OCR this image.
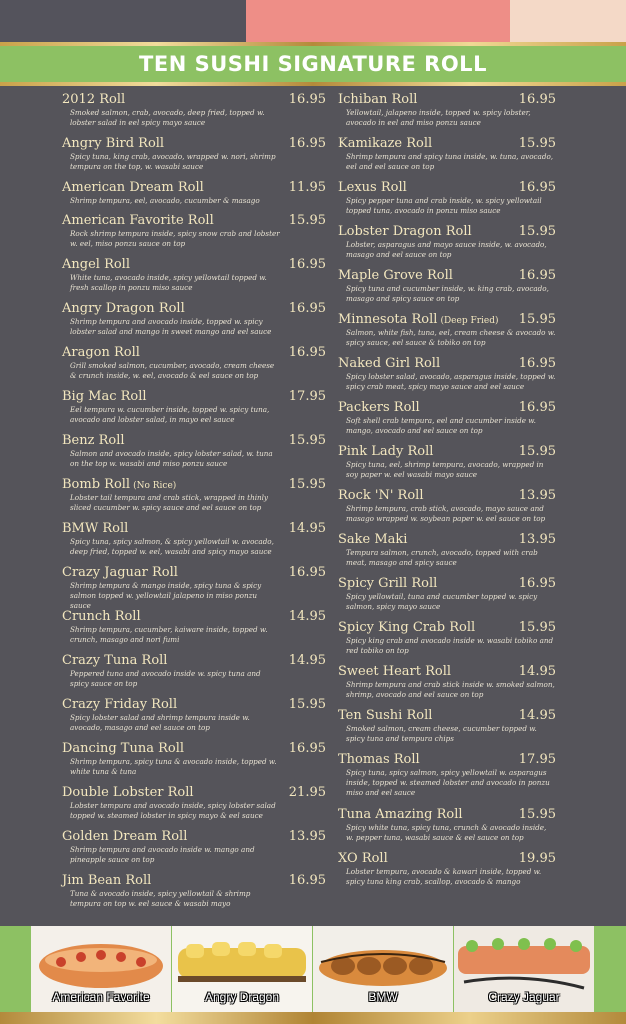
TEN SUSHI SIGNATURE ROLL
2012 Roll	16.95
Smoked salmon, crab, avocado, deep fried, topped w. lobster salad in eel spicy mayo sauce
Angry Bird Roll	16.95
Spicy tuna, king crab, avocado, wrapped w. nori, shrimp tempura on the top, w. wasabi sauce
American Dream Roll	11.95
Shrimp tempura, eel, avocado, cucumber & masago
American Favorite Roll	15.95
Rock shrimp tempura inside, spicy snow crab and lobster w. eel, miso ponzu sauce on top
Angel Roll	16.95
White tuna, avocado inside, spicy yellowtail topped w. fresh scallop in ponzu miso sauce
Angry Dragon Roll	16.95
Shrimp tempura and avocado inside, topped w. spicy lobster salad and mango in sweet mango and eel sauce
Aragon Roll	16.95
Grill smoked salmon, cucumber, avocado, cream cheese & crunch inside, w. eel, avocado & eel sauce on top
Big Mac Roll	17.95
Eel tempura w. cucumber inside, topped w. spicy tuna, avocado and lobster salad, in mayo eel sauce
Benz Roll	15.95
Salmon and avocado inside, spicy lobster salad, w. tuna on the top w. wasabi and miso ponzu sauce
Bomb Roll (No Rice)	15.95
Lobster tail tempura and crab stick, wrapped in thinly sliced cucumber w. spicy sauce and eel sauce on top
BMW Roll	14.95
Spicy tuna, spicy salmon, & spicy yellowtail w. avocado, deep fried, topped w. eel, wasabi and spicy mayo sauce
Crazy Jaguar Roll	16.95
Shrimp tempura & mango inside, spicy tuna & spicy salmon topped w. yellowtail jalapeno in miso ponzu sauce
Crunch Roll	14.95
Shrimp tempura, cucumber, kaiware inside, topped w. crunch, masago and nori fumi
Crazy Tuna Roll	14.95
Peppered tuna and avocado inside w. spicy tuna and spicy sauce on top
Crazy Friday Roll	15.95
Spicy lobster salad and shrimp tempura inside w. avocado, masago and eel sauce on top
Dancing Tuna Roll	16.95
Shrimp tempura, spicy tuna & avocado inside, topped w. white tuna & tuna
Double Lobster Roll	21.95
Lobster tempura and avocado inside, spicy lobster salad topped w. steamed lobster in spicy mayo & eel sauce
Golden Dream Roll	13.95
Shrimp tempura and avocado inside w. mango and pineapple sauce on top
Jim Bean Roll	16.95
Tuna & avocado inside, spicy yellowtail & shrimp tempura on top w. eel sauce & wasabi mayo
Ichiban Roll	16.95
Yellowtail, jalapeno inside, topped w. spicy lobster, avocado in eel and miso ponzu sauce
Kamikaze Roll	15.95
Shrimp tempura and spicy tuna inside, w. tuna, avocado, eel and eel sauce on top
Lexus Roll	16.95
Spicy pepper tuna and crab inside, w. spicy yellowtail topped tuna, avocado in ponzu miso sauce
Lobster Dragon Roll	15.95
Lobster, asparagus and mayo sauce inside, w. avocado, masago and eel sauce on top
Maple Grove Roll	16.95
Spicy tuna and cucumber inside, w. king crab, avocado, masago and spicy sauce on top
Minnesota Roll (Deep Fried) 15.95
Salmon, white fish, tuna, eel, cream cheese & avocado w. spicy sauce, eel sauce & tobiko on top
Naked Girl Roll	16.95
Spicy lobster salad, avocado, asparagus inside, topped w. spicy crab meat, spicy mayo sauce and eel sauce
Packers Roll	16.95
Soft shell crab tempura, eel and cucumber inside w. mango, avocado and eel sauce on top
Pink Lady Roll	15.95
Spicy tuna, eel, shrimp tempura, avocado, wrapped in soy paper w. eel wasabi mayo sauce
Rock 'N' Roll	13.95
Shrimp tempura, crab stick, avocado, mayo sauce and masago wrapped w. soybean paper w. eel sauce on top
Sake Maki	13.95
Tempura salmon, crunch, avocado, topped with crab meat, masago and spicy sauce
Spicy Grill Roll	16.95
Spicy yellowtail, tuna and cucumber topped w. spicy salmon, spicy mayo sauce
Spicy King Crab Roll	15.95
Spicy king crab and avocado inside w. wasabi tobiko and red tobiko on top
Sweet Heart Roll	14.95
Shrimp tempura and crab stick inside w. smoked salmon, shrimp, avocado and eel sauce on top
Ten Sushi Roll	14.95
Smoked salmon, cream cheese, cucumber topped w. spicy tuna and tempura chips
Thomas Roll	17.95
Spicy tuna, spicy salmon, spicy yellowtail w. asparagus inside, topped w. steamed lobster and avocado in ponzu miso and eel sauce
Tuna Amazing Roll	15.95
Spicy white tuna, spicy tuna, crunch & avocado inside, w. pepper tuna, wasabi sauce & eel sauce on top
XO Roll	19.95
Lobster tempura, avocado & kawari inside, topped w. spicy tuna king crab, scallop, avocado & mango
American Favorite	Angry Dragon	BMW	Crazy Jaguar
